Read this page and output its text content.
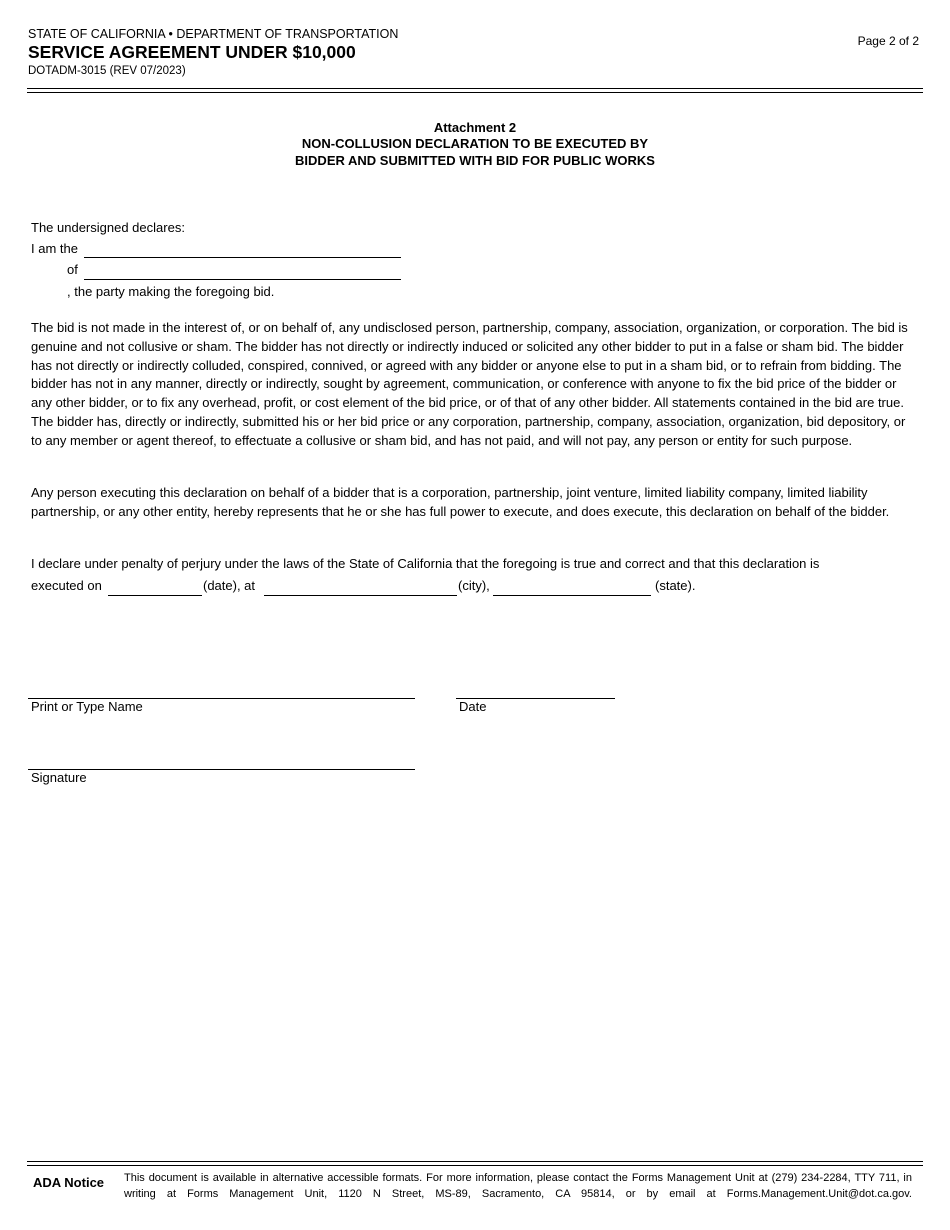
STATE OF CALIFORNIA • DEPARTMENT OF TRANSPORTATION
SERVICE AGREEMENT UNDER $10,000
DOTADM-3015 (REV 07/2023)
Page 2 of 2
Attachment 2
NON-COLLUSION DECLARATION TO BE EXECUTED BY
BIDDER AND SUBMITTED WITH BID FOR PUBLIC WORKS
The undersigned declares:
I am the
of
, the party making the foregoing bid.
The bid is not made in the interest of, or on behalf of, any undisclosed person, partnership, company, association, organization, or corporation. The bid is genuine and not collusive or sham. The bidder has not directly or indirectly induced or solicited any other bidder to put in a false or sham bid. The bidder has not directly or indirectly colluded, conspired, connived, or agreed with any bidder or anyone else to put in a sham bid, or to refrain from bidding. The bidder has not in any manner, directly or indirectly, sought by agreement, communication, or conference with anyone to fix the bid price of the bidder or any other bidder, or to fix any overhead, profit, or cost element of the bid price, or of that of any other bidder. All statements contained in the bid are true. The bidder has, directly or indirectly, submitted his or her bid price or any corporation, partnership, company, association, organization, bid depository, or to any member or agent thereof, to effectuate a collusive or sham bid, and has not paid, and will not pay, any person or entity for such purpose.
Any person executing this declaration on behalf of a bidder that is a corporation, partnership, joint venture, limited liability company, limited liability partnership, or any other entity, hereby represents that he or she has full power to execute, and does execute, this declaration on behalf of the bidder.
I declare under penalty of perjury under the laws of the State of California that the foregoing is true and correct and that this declaration is
executed on	(date), at	(city),	(state).
Print or Type Name	Date
Signature
ADA Notice This document is available in alternative accessible formats. For more information, please contact the Forms Management Unit at (279) 234-2284, TTY 711, in writing at Forms Management Unit, 1120 N Street, MS-89, Sacramento, CA 95814, or by email at Forms.Management.Unit@dot.ca.gov.
